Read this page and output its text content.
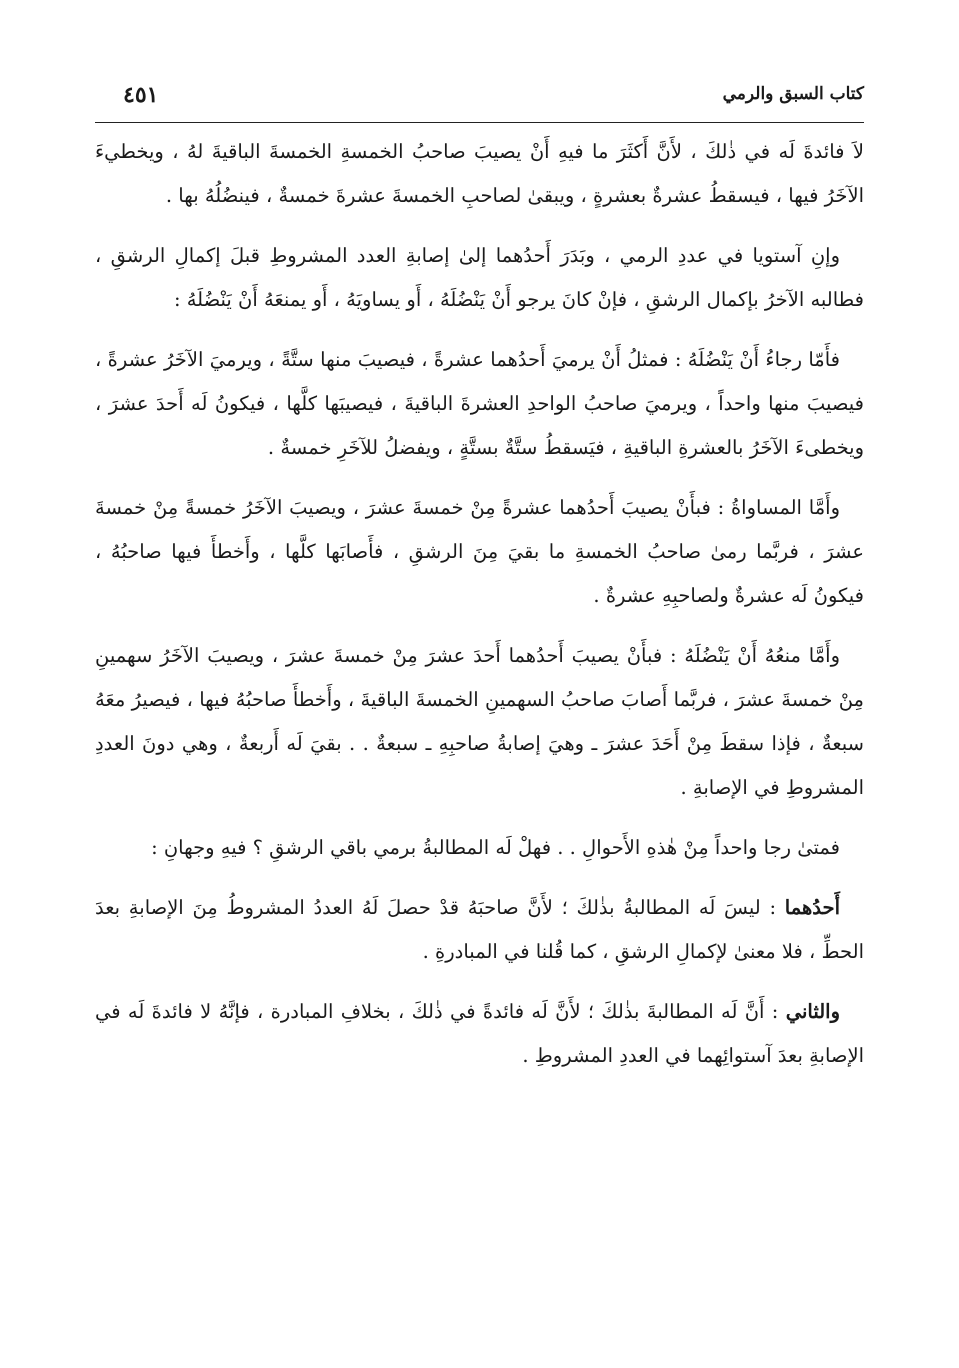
كتاب السبق والرمي
٤٥١

لاَ فائدةَ لَه في ذٰلكَ ، لأَنَّ أَكثَرَ ما فيهِ أَنْ يصيبَ صاحبُ الخمسةِ الخمسةَ الباقيةَ لهُ ، ويخطيءَ الآخَرُ فيها ، فيسقطُ عشرةٌ بعشرةٍ ، ويبقىٰ لصاحبِ الخمسةَ عشرةَ خمسةٌ ، فينضُلُهُ بها .

وإنِ آستويا في عددِ الرمي ، وبَدَرَ أَحدُهما إلىٰ إصابةِ العدد المشروطِ قبلَ إكمالِ الرشقِ ، فطالبه الآخرُ بإكمال الرشقِ ، فإنْ كانَ يرجو أَنْ يَنْضُلَهُ ، أَو يساويَهُ ، أَو يمنعَهُ أَنْ يَنْضُلَهُ :

فأَمّا رجاءُ أَنْ يَنْضُلَهُ : فمثلُ أَنْ يرميَ أَحدُهما عشرةً ، فيصيبَ منها ستَّةً ، ويرميَ الآخَرُ عشرةً ، فيصيبَ منها واحداً ، ويرميَ صاحبُ الواحدِ العشرةَ الباقيةَ ، فيصيبَها كلَّها ، فيكونُ لَه أَحدَ عشرَ ، ويخطىءَ الآخَرُ بالعشرةِ الباقيةِ ، فيَسقطُ ستَّةٌ بستَّةٍ ، ويفضلُ للآخَرِ خمسةٌ .

وأَمَّا المساواةُ : فبأَنْ يصيبَ أَحدُهما عشرةً مِنْ خمسةَ عشرَ ، ويصيبَ الآخَرُ خمسةً مِنْ خمسةَ عشرَ ، فربَّما رمىٰ صاحبُ الخمسةِ ما بقيَ مِنَ الرشقِ ، فأَصابَها كلَّها ، وأَخطأَ فيها صاحبُهُ ، فيكونُ لَه عشرةٌ ولصاحبِهِ عشرةٌ .

وأَمَّا منعُهُ أَنْ يَنْضُلَهُ : فبأَنْ يصيبَ أَحدُهما أَحدَ عشرَ مِنْ خمسةَ عشرَ ، ويصيبَ الآخَرُ سهمينِ مِنْ خمسةَ عشرَ ، فربَّما أَصابَ صاحبُ السهمينِ الخمسةَ الباقيةَ ، وأَخطأَ صاحبُهُ فيها ، فيصيرُ معَهُ سبعةٌ ، فإذا سقطَ مِنْ أَحَدَ عشرَ ـ وهيَ إصابةُ صاحبِهِ ـ سبعةٌ . . بقيَ لَه أَربعةٌ ، وهي دونَ العددِ المشروطِ في الإصابةِ .

فمتىٰ رجا واحداً مِنْ هٰذهِ الأَحوالِ . . فهلْ لَه المطالبةُ برمي باقي الرشقِ ؟ فيهِ وجهانِ :

أَحدُهما : ليسَ لَه المطالبةُ بذٰلكَ ؛ لأَنَّ صاحبَهُ قدْ حصلَ لَهُ العددُ المشروطُ مِنَ الإصابةِ بعدَ الحطِّ ، فلا معنىٰ لإكمالِ الرشقِ ، كما قُلنا في المبادرةِ .

والثاني : أَنَّ لَه المطالبةَ بذٰلكَ ؛ لأَنَّ لَه فائدةً في ذٰلكَ ، بخلافِ المبادرة ، فإنَّهُ لا فائدةَ لَه في الإصابةِ بعدَ آستوائِهما في العددِ المشروطِ .
